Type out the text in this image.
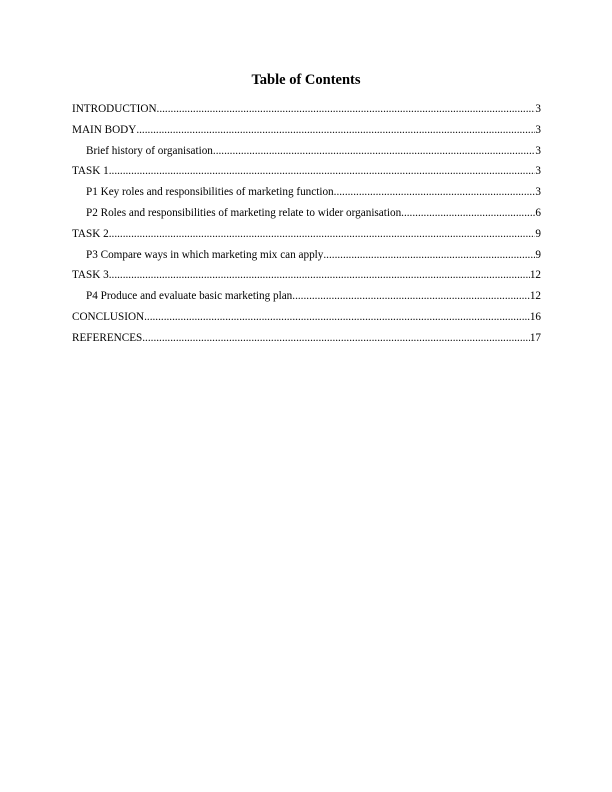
Table of Contents
INTRODUCTION .....	3
MAIN BODY .....	3
Brief history of organisation .....	3
TASK 1 .....	3
P1 Key roles and responsibilities of marketing function .....	3
P2 Roles and responsibilities of marketing relate to wider organisation .....	6
TASK 2 .....	9
P3 Compare ways in which marketing mix can apply .....	9
TASK 3 .....	12
P4 Produce and evaluate basic marketing plan .....	12
CONCLUSION .....	16
REFERENCES .....	17
